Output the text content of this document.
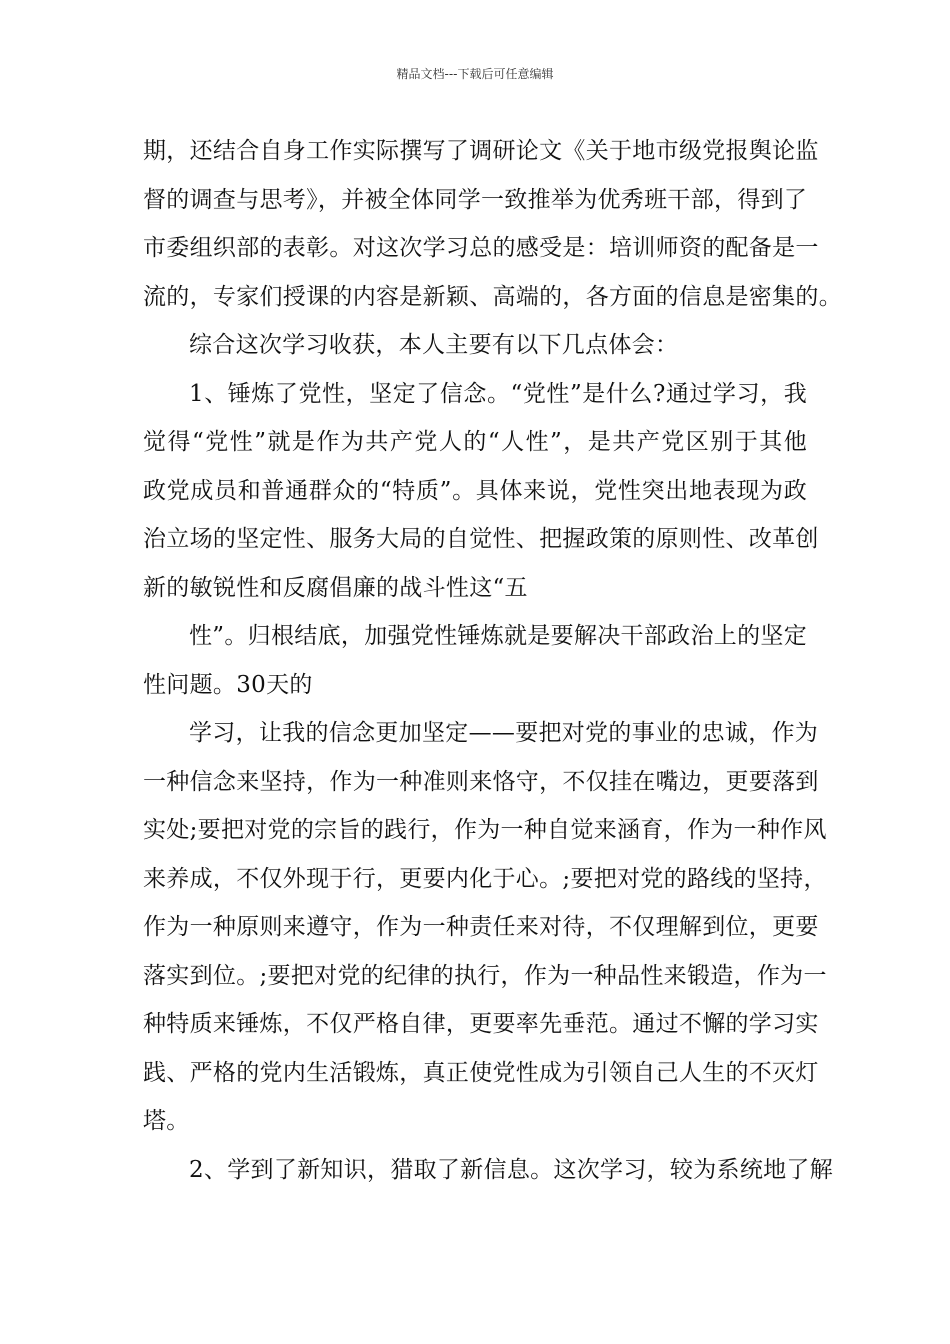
精品文档---下载后可任意编辑
期，还结合自身工作实际撰写了调研论文《关于地市级党报舆论监
督的调查与思考》，并被全体同学一致推举为优秀班干部，得到了
市委组织部的表彰。对这次学习总的感受是：培训师资的配备是一
流的，专家们授课的内容是新颖、高端的，各方面的信息是密集的。
综合这次学习收获，本人主要有以下几点体会：
1、锤炼了党性，坚定了信念。“党性”是什么?通过学习，我
觉得“党性”就是作为共产党人的“人性”，是共产党区别于其他
政党成员和普通群众的“特质”。具体来说，党性突出地表现为政
治立场的坚定性、服务大局的自觉性、把握政策的原则性、改革创
新的敏锐性和反腐倡廉的战斗性这“五
性”。归根结底，加强党性锤炼就是要解决干部政治上的坚定
性问题。30天的
学习，让我的信念更加坚定——要把对党的事业的忠诚，作为
一种信念来坚持，作为一种准则来恪守，不仅挂在嘴边，更要落到
实处;要把对党的宗旨的践行，作为一种自觉来涵育，作为一种作风
来养成，不仅外现于行，更要内化于心。;要把对党的路线的坚持，
作为一种原则来遵守，作为一种责任来对待，不仅理解到位，更要
落实到位。;要把对党的纪律的执行，作为一种品性来锻造，作为一
种特质来锤炼，不仅严格自律，更要率先垂范。通过不懈的学习实
践、严格的党内生活锻炼，真正使党性成为引领自己人生的不灭灯
塔。
2、学到了新知识，猎取了新信息。这次学习，较为系统地了解
